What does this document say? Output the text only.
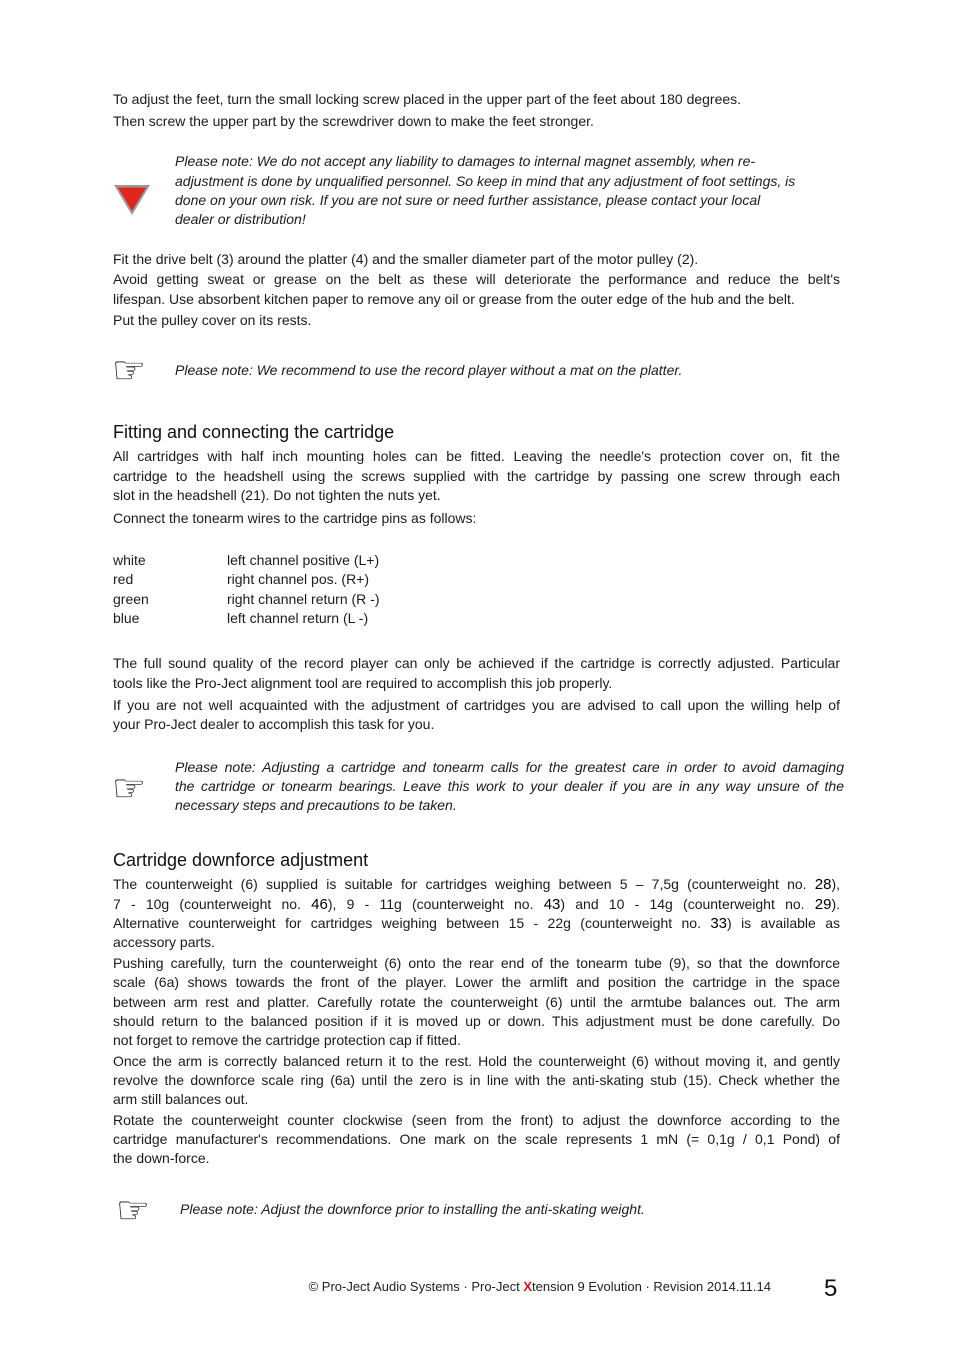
To adjust the feet, turn the small locking screw placed in the upper part of the feet about 180 degrees.
Then screw the upper part by the screwdriver down to make the feet stronger.
Please note: We do not accept any liability to damages to internal magnet assembly, when re-
adjustment is done by unqualified personnel. So keep in mind that any adjustment of foot settings, is
done on your own risk. If you are not sure or need further assistance, please contact your local
dealer or distribution!
Fit the drive belt (3) around the platter (4) and the smaller diameter part of the motor pulley (2).
Avoid getting sweat or grease on the belt as these will deteriorate the performance and reduce the belt's
lifespan. Use absorbent kitchen paper to remove any oil or grease from the outer edge of the hub and the belt.
Put the pulley cover on its rests.
☞
Please note: We recommend to use the record player without a mat on the platter.
Fitting and connecting the cartridge
All cartridges with half inch mounting holes can be fitted. Leaving the needle's protection cover on, fit the
cartridge to the headshell using the screws supplied with the cartridge by passing one screw through each
slot in the headshell (21). Do not tighten the nuts yet.
Connect the tonearm wires to the cartridge pins as follows:
white	left channel positive (L+)
red	right channel pos. (R+)
green	right channel return (R -)
blue	left channel return (L -)
The full sound quality of the record player can only be achieved if the cartridge is correctly adjusted. Particular
tools like the Pro-Ject alignment tool are required to accomplish this job properly.
If you are not well acquainted with the adjustment of cartridges you are advised to call upon the willing help of
your Pro-Ject dealer to accomplish this task for you.
☞
Please note: Adjusting a cartridge and tonearm calls for the greatest care in order to avoid damaging
the cartridge or tonearm bearings. Leave this work to your dealer if you are in any way unsure of the
necessary steps and precautions to be taken.
Cartridge downforce adjustment
The counterweight (6) supplied is suitable for cartridges weighing between 5 – 7,5g (counterweight no. 28),
7 - 10g (counterweight no. 46), 9 - 11g (counterweight no. 43) and 10 - 14g (counterweight no. 29).
Alternative counterweight for cartridges weighing between 15 - 22g (counterweight no. 33) is available as
accessory parts.
Pushing carefully, turn the counterweight (6) onto the rear end of the tonearm tube (9), so that the downforce
scale (6a) shows towards the front of the player. Lower the armlift and position the cartridge in the space
between arm rest and platter. Carefully rotate the counterweight (6) until the armtube balances out. The arm
should return to the balanced position if it is moved up or down. This adjustment must be done carefully. Do
not forget to remove the cartridge protection cap if fitted.
Once the arm is correctly balanced return it to the rest. Hold the counterweight (6) without moving it, and gently
revolve the downforce scale ring (6a) until the zero is in line with the anti-skating stub (15). Check whether the
arm still balances out.
Rotate the counterweight counter clockwise (seen from the front) to adjust the downforce according to the
cartridge manufacturer's recommendations. One mark on the scale represents 1 mN (= 0,1g / 0,1 Pond) of
the down-force.
☞
Please note: Adjust the downforce prior to installing the anti-skating weight.
© Pro-Ject Audio Systems · Pro-Ject Xtension 9 Evolution · Revision 2014.11.14 5
